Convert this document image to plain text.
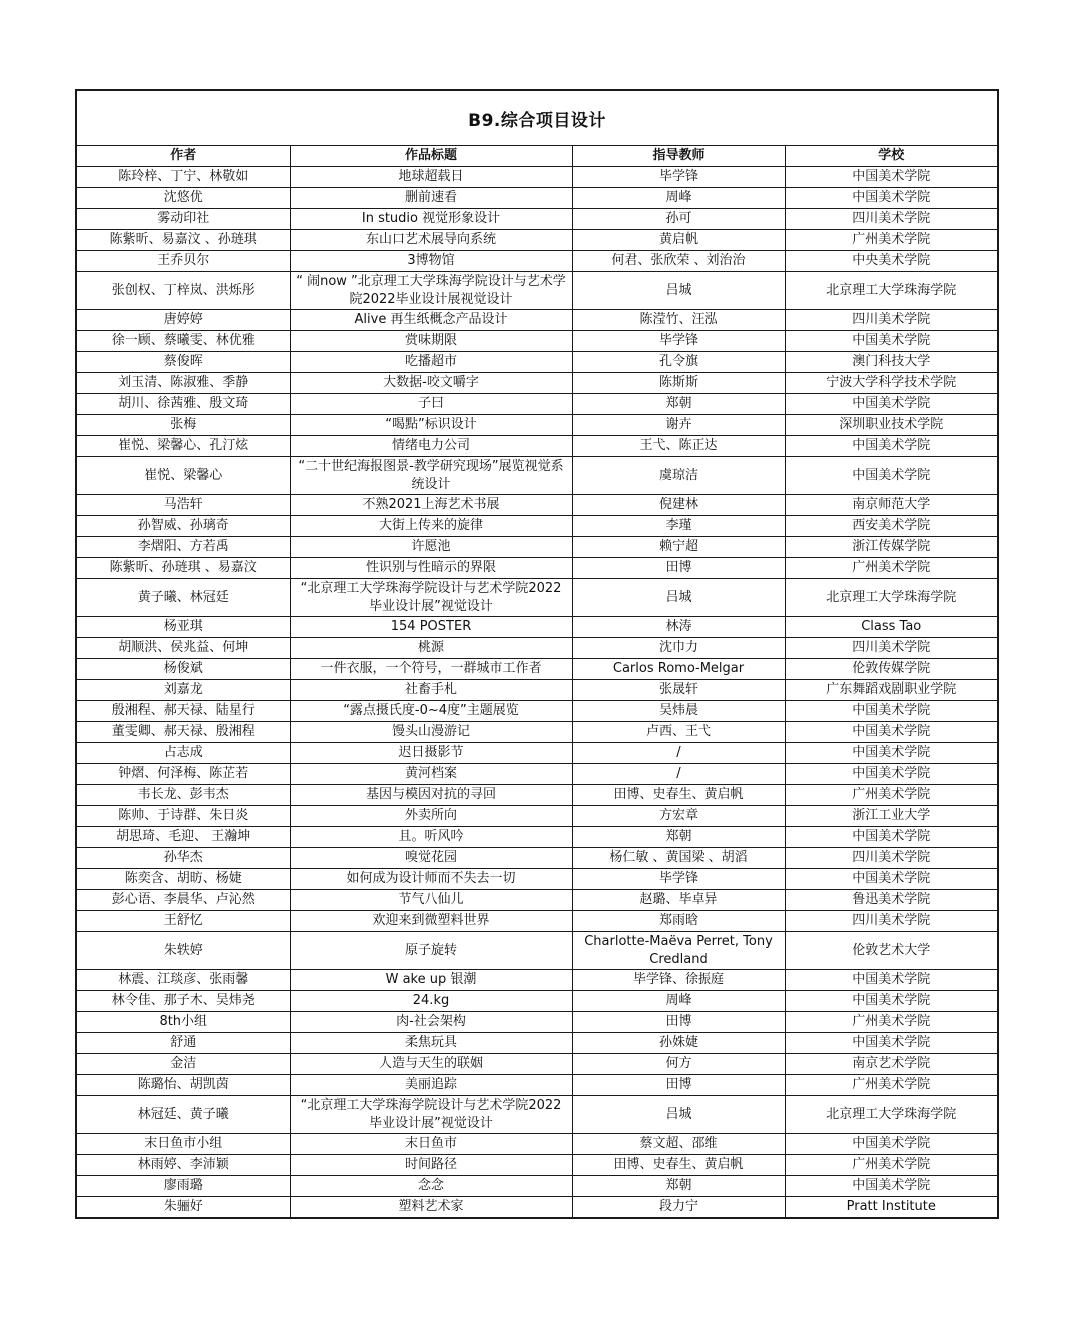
B9.综合项目设计
作者	作品标题	指导教师	学校
陈玲梓、丁宁、林敬如	地球超载日	毕学锋	中国美术学院
沈悠优	删前速看	周峰	中国美术学院
雾动印社	In studio 视觉形象设计	孙可	四川美术学院
陈紫昕、易嘉汶 、孙琏琪	东山口艺术展导向系统	黄启帆	广州美术学院
王乔贝尔	3博物馆	何君、张欣荣 、刘治治	中央美术学院
张创权、丁梓岚、洪烁彤	“ 闹now ”北京理工大学珠海学院设计与艺术学院2022毕业设计展视觉设计	吕城	北京理工大学珠海学院
唐婷婷	Alive 再生纸概念产品设计	陈滢竹、汪泓	四川美术学院
徐一顾、蔡曦雯、林优雅	赏味期限	毕学锋	中国美术学院
蔡俊晖	吃播超市	孔令旗	澳门科技大学
刘玉清、陈淑雅、季静	大数据-咬文嚼字	陈斯斯	宁波大学科学技术学院
胡川、徐茜雅、殷文琦	子曰	郑朝	中国美术学院
张梅	“喝點”标识设计	谢卉	深圳职业技术学院
崔悦、梁馨心、孔汀炫	情绪电力公司	王弋、陈正达	中国美术学院
崔悦、梁馨心	“二十世纪海报图景-教学研究现场”展览视觉系统设计	虞琼洁	中国美术学院
马浩轩	不熟2021上海艺术书展	倪建林	南京师范大学
孙智威、孙璃奇	大街上传来的旋律	李瑾	西安美术学院
李熠阳、方若禹	许愿池	赖宁超	浙江传媒学院
陈紫昕、孙琏琪 、易嘉汶	性识别与性暗示的界限	田博	广州美术学院
黄子曦、林冠廷	“北京理工大学珠海学院设计与艺术学院2022毕业设计展”视觉设计	吕城	北京理工大学珠海学院
杨亚琪	154 POSTER	林涛	Class Tao
胡顺洪、侯兆益、何坤	桃源	沈巾力	四川美术学院
杨俊斌	一件衣服，一个符号，一群城市工作者	Carlos Romo-Melgar	伦敦传媒学院
刘嘉龙	社畜手札	张晟轩	广东舞蹈戏剧职业学院
殷湘程、郝天禄、陆星行	“露点摄氏度-0~4度”主题展览	吴炜晨	中国美术学院
董雯卿、郝天禄、殷湘程	馒头山漫游记	卢西、王弋	中国美术学院
占志成	迟日摄影节	/	中国美术学院
钟熠、何泽梅、陈芷若	黄河档案	/	中国美术学院
韦长龙、彭韦杰	基因与模因对抗的寻回	田博、史春生、黄启帆	广州美术学院
陈帅、于诗群、朱日炎	外卖所向	方宏章	浙江工业大学
胡思琦、毛迎、 王瀚坤	且。听风吟	郑朝	中国美术学院
孙华杰	嗅觉花园	杨仁敏 、黄国梁 、胡滔	四川美术学院
陈奕含、胡昉、杨婕	如何成为设计师而不失去一切	毕学锋	中国美术学院
彭心语、李晨华、卢沁然	节气八仙儿	赵璐、毕卓异	鲁迅美术学院
王舒忆	欢迎来到微塑料世界	郑雨晗	四川美术学院
朱轶婷	原子旋转	Charlotte-Maëva Perret, Tony Credland	伦敦艺术大学
林震、江琰彦、张雨馨	W ake up 银潮	毕学锋、徐振庭	中国美术学院
林令佳、那子木、吴炜尧	24.kg	周峰	中国美术学院
8th小组	肉-社会架构	田博	广州美术学院
舒通	柔焦玩具	孙姝婕	中国美术学院
金洁	人造与天生的联姻	何方	南京艺术学院
陈璐怡、胡凯茵	美丽追踪	田博	广州美术学院
林冠廷、黄子曦	“北京理工大学珠海学院设计与艺术学院2022毕业设计展”视觉设计	吕城	北京理工大学珠海学院
末日鱼市小组	末日鱼市	蔡文超、邵维	中国美术学院
林雨婷、李沛颖	时间路径	田博、史春生、黄启帆	广州美术学院
廖雨璐	念念	郑朝	中国美术学院
朱骊好	塑料艺术家	段力宁	Pratt Institute
